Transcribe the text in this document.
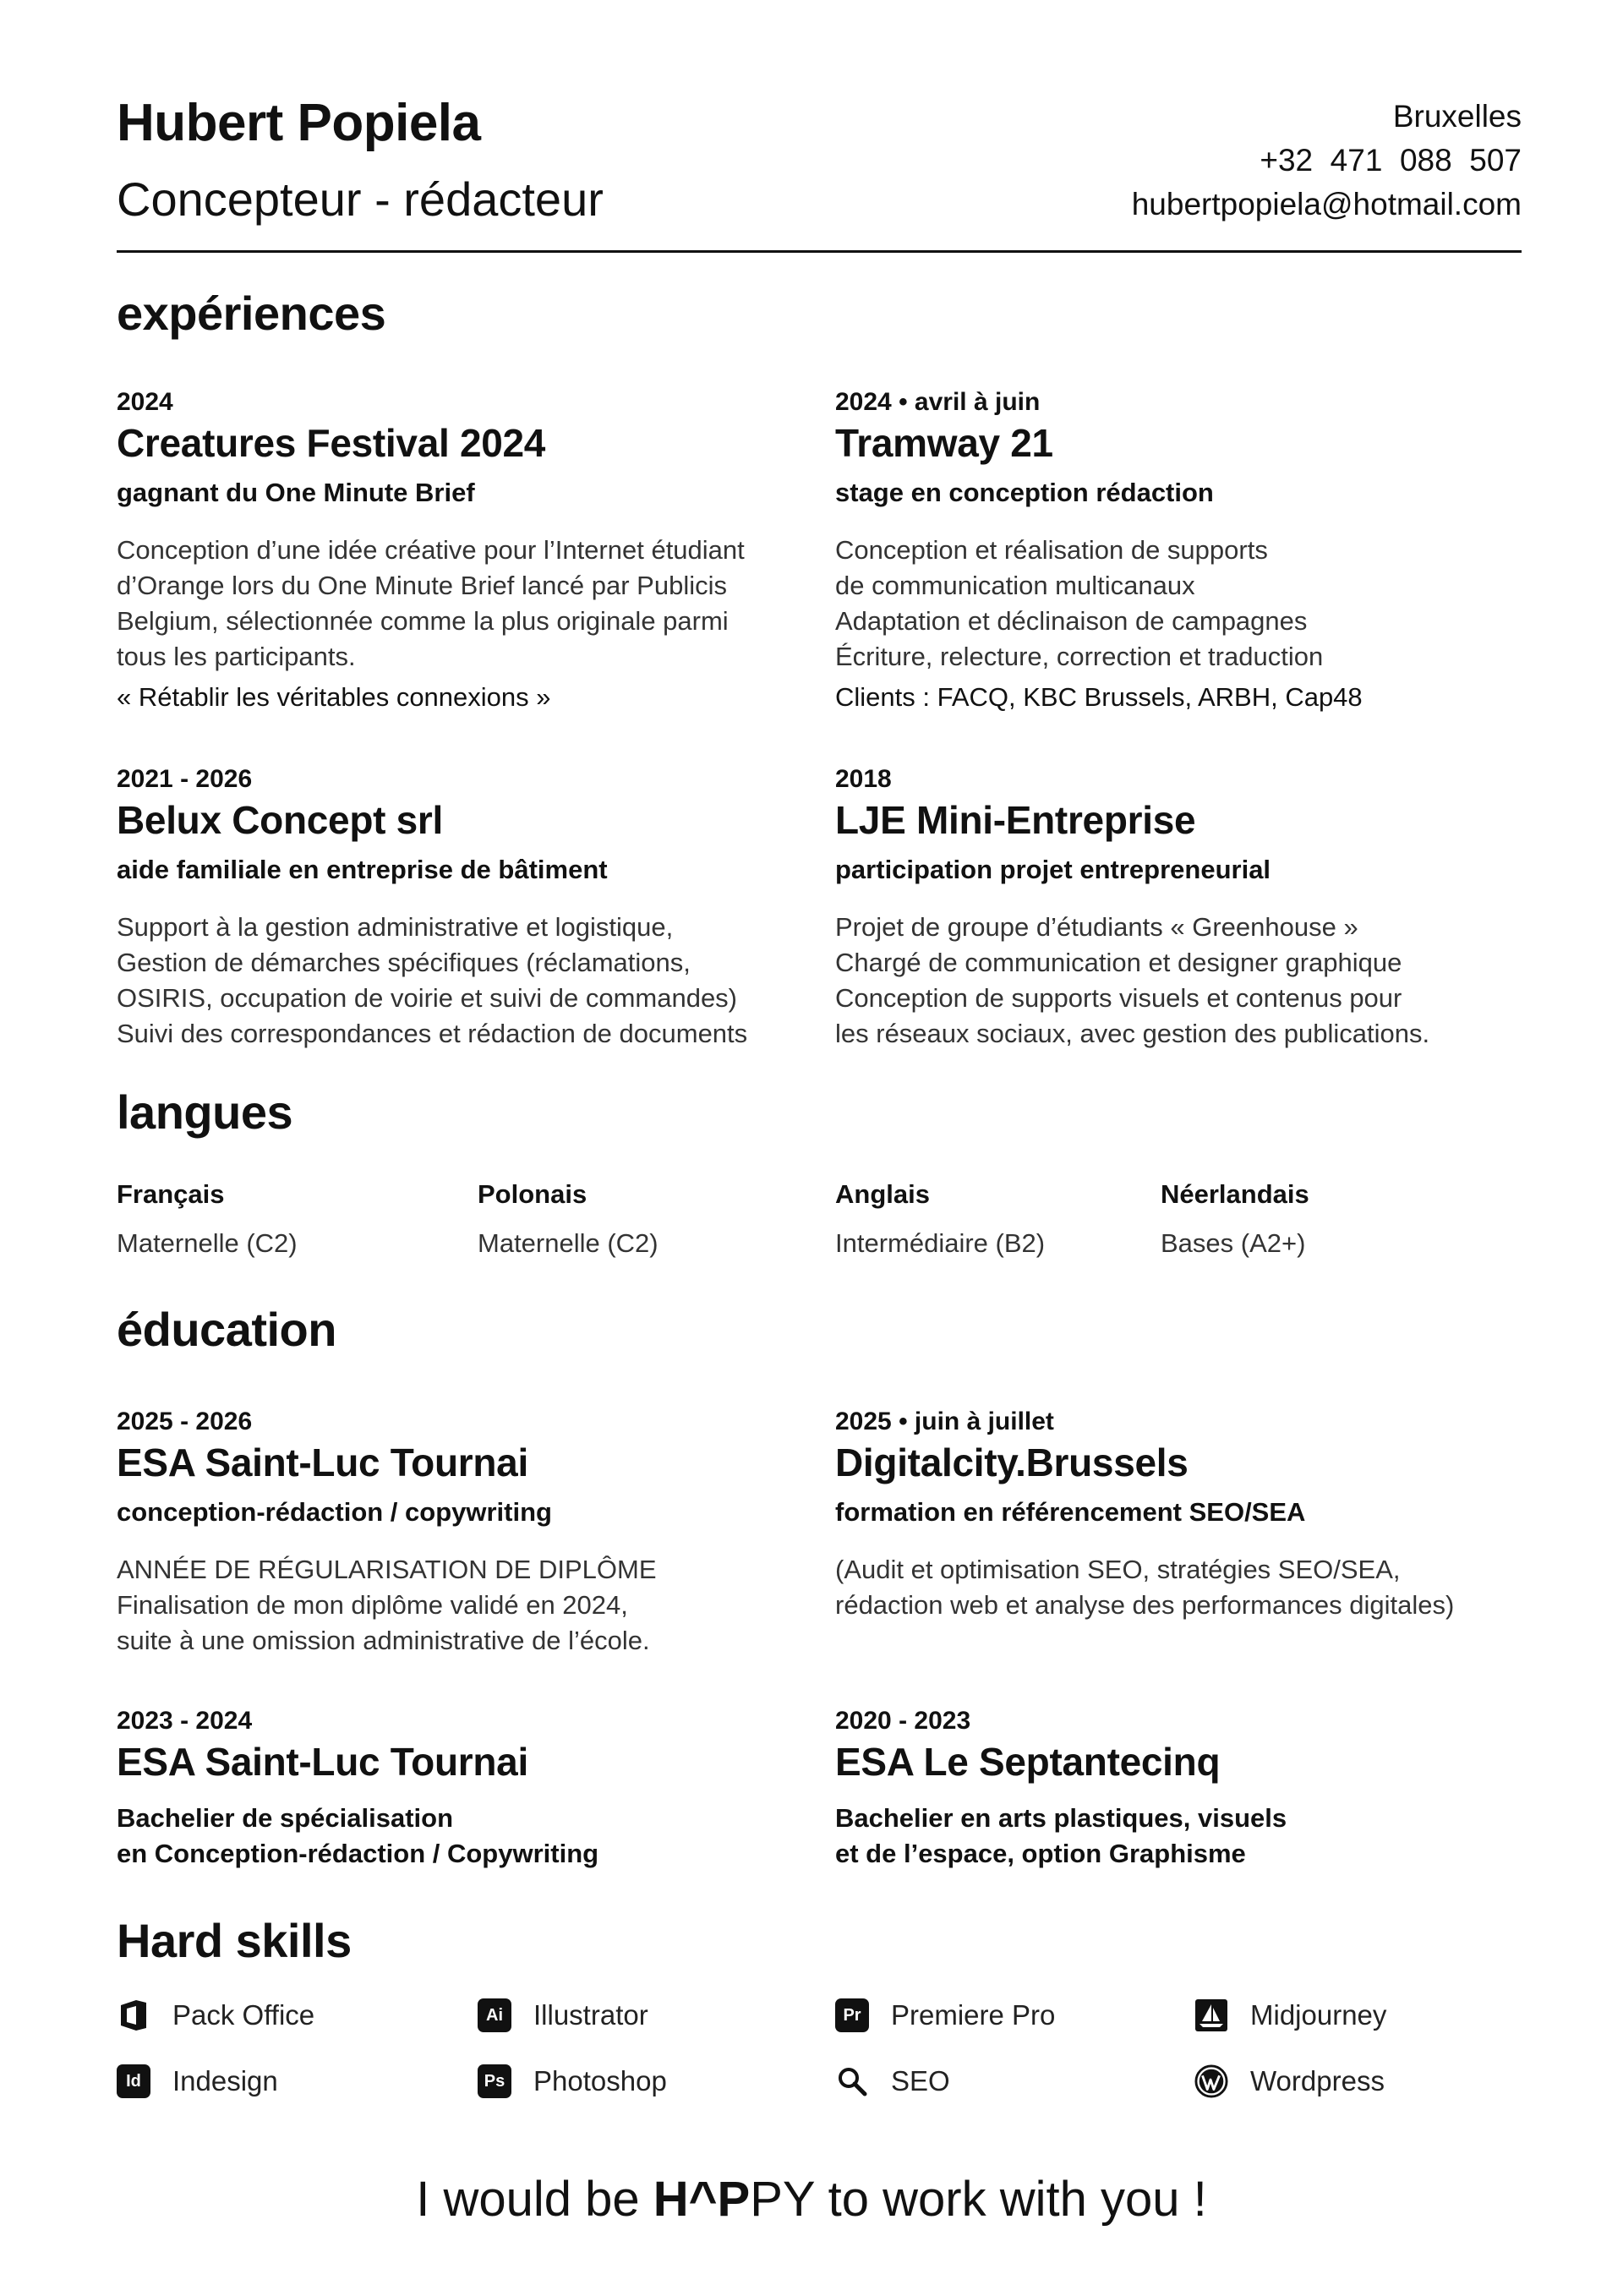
Hubert Popiela
Concepteur - rédacteur
Bruxelles
+32  471  088  507
hubertpopiela@hotmail.com
expériences
2024
Creatures Festival 2024
gagnant du One Minute Brief
Conception d’une idée créative pour l’Internet étudiant
d’Orange lors du One Minute Brief lancé par Publicis
Belgium, sélectionnée comme la plus originale parmi
tous les participants.
« Rétablir les véritables connexions »
2024 • avril à juin
Tramway 21
stage en conception rédaction
Conception et réalisation de supports
de communication multicanaux
Adaptation et déclinaison de campagnes
Écriture, relecture, correction et traduction
Clients : FACQ, KBC Brussels, ARBH, Cap48
2021 - 2026
Belux Concept srl
aide familiale en entreprise de bâtiment
Support à la gestion administrative et logistique,
Gestion de démarches spécifiques (réclamations,
OSIRIS, occupation de voirie et suivi de commandes)
Suivi des correspondances et rédaction de documents
2018
LJE Mini-Entreprise
participation projet entrepreneurial
Projet de groupe d’étudiants « Greenhouse »
Chargé de communication et designer graphique
Conception de supports visuels et contenus pour
les réseaux sociaux, avec gestion des publications.
langues
Français
Maternelle (C2)
Polonais
Maternelle (C2)
Anglais
Intermédiaire (B2)
Néerlandais
Bases (A2+)
éducation
2025 - 2026
ESA Saint-Luc Tournai
conception-rédaction / copywriting
ANNÉE DE RÉGULARISATION DE DIPLÔME
Finalisation de mon diplôme validé en 2024,
suite à une omission administrative de l’école.
2025 • juin à juillet
Digitalcity.Brussels
formation en référencement SEO/SEA
(Audit et optimisation SEO, stratégies SEO/SEA,
rédaction web et analyse des performances digitales)
2023 - 2024
ESA Saint-Luc Tournai
Bachelier de spécialisation
en Conception-rédaction / Copywriting
2020 - 2023
ESA Le Septantecinq
Bachelier en arts plastiques, visuels
et de l’espace, option Graphisme
Hard skills
Pack Office	Ai	Illustrator	Pr Premiere Pro	Midjourney
Id	Indesign	Ps Photoshop	SEO	Wordpress
I would be H^PPY to work with you !
